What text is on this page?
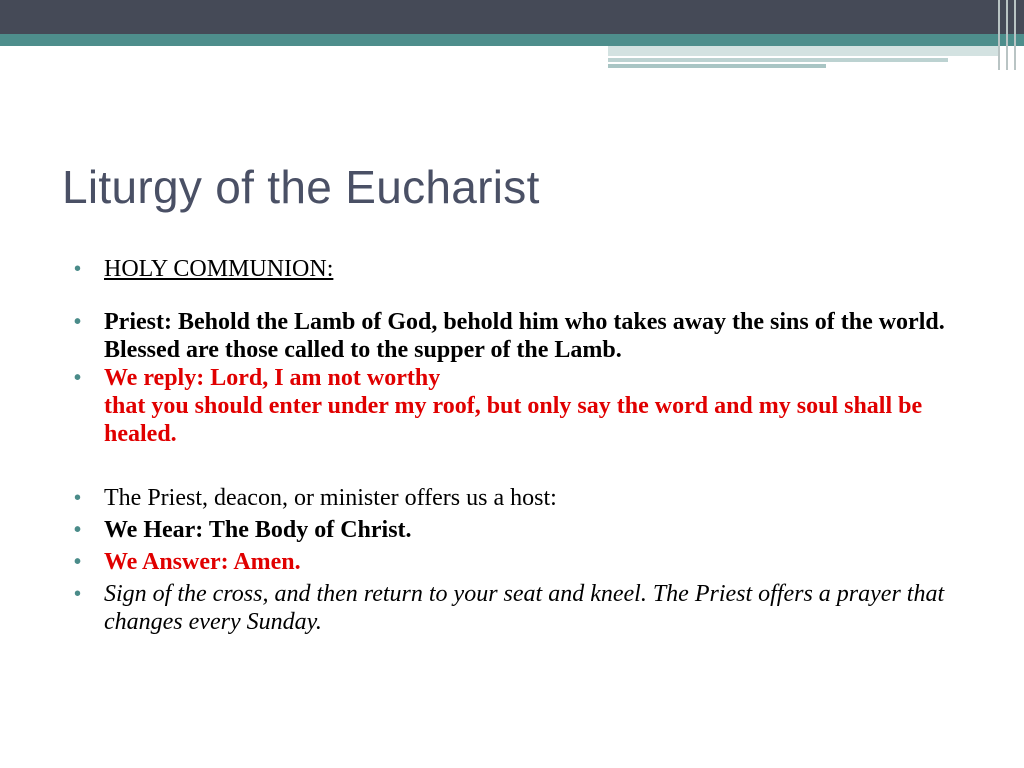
Liturgy of the Eucharist
• HOLY COMMUNION:
• Priest: Behold the Lamb of God, behold him who takes away the sins of the world. Blessed are those called to the supper of the Lamb.
• We reply: Lord, I am not worthy
that you should enter under my roof, but only say the word and my soul shall be healed.
• The Priest, deacon, or minister offers us a host:
• We Hear: The Body of Christ.
• We Answer: Amen.
• Sign of the cross, and then return to your seat and kneel. The Priest offers a prayer that changes every Sunday.
